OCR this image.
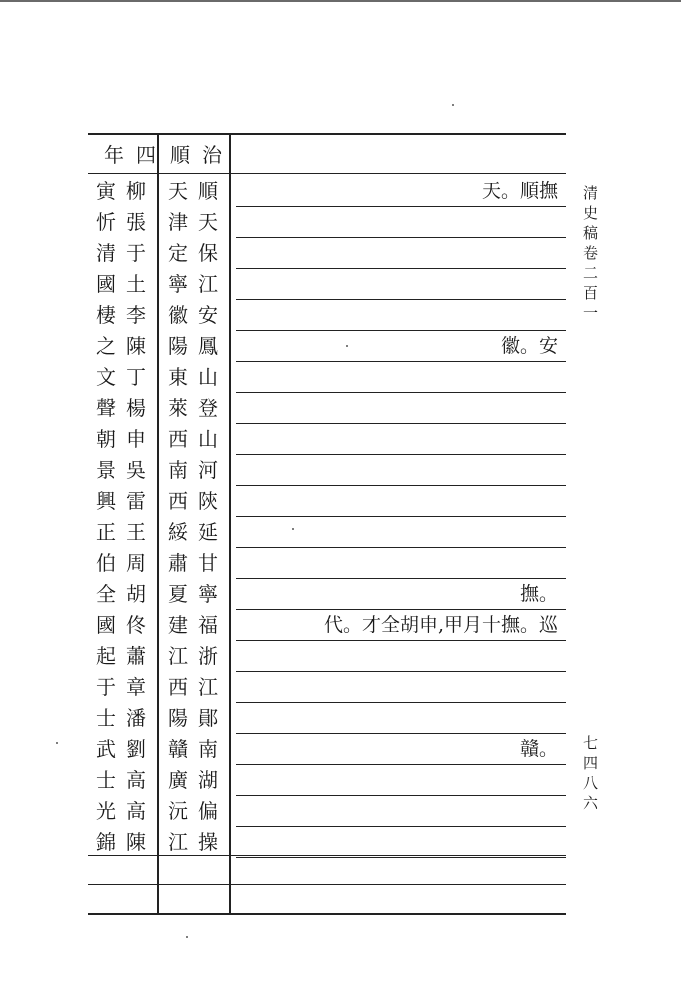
年四 順治
寅柳 天順	天。順撫
忻張 津天
清于 定保
國土 寧江
棲李 徽安
之陳 陽鳳	徽。安
文丁 東山
聲楊 萊登
朝申 西山
景吳 南河
興雷 西陝
正王 綏延
伯周 肅甘
全胡 夏寧	撫。
國佟 建福	代。才全胡申,甲月十撫。巡
起蕭 江浙
于章 西江
士潘 陽鄖
武劉 贛南	贛。
士高 廣湖
光高 沅偏
錦陳 江操
清史稿卷二百一
七四八六
